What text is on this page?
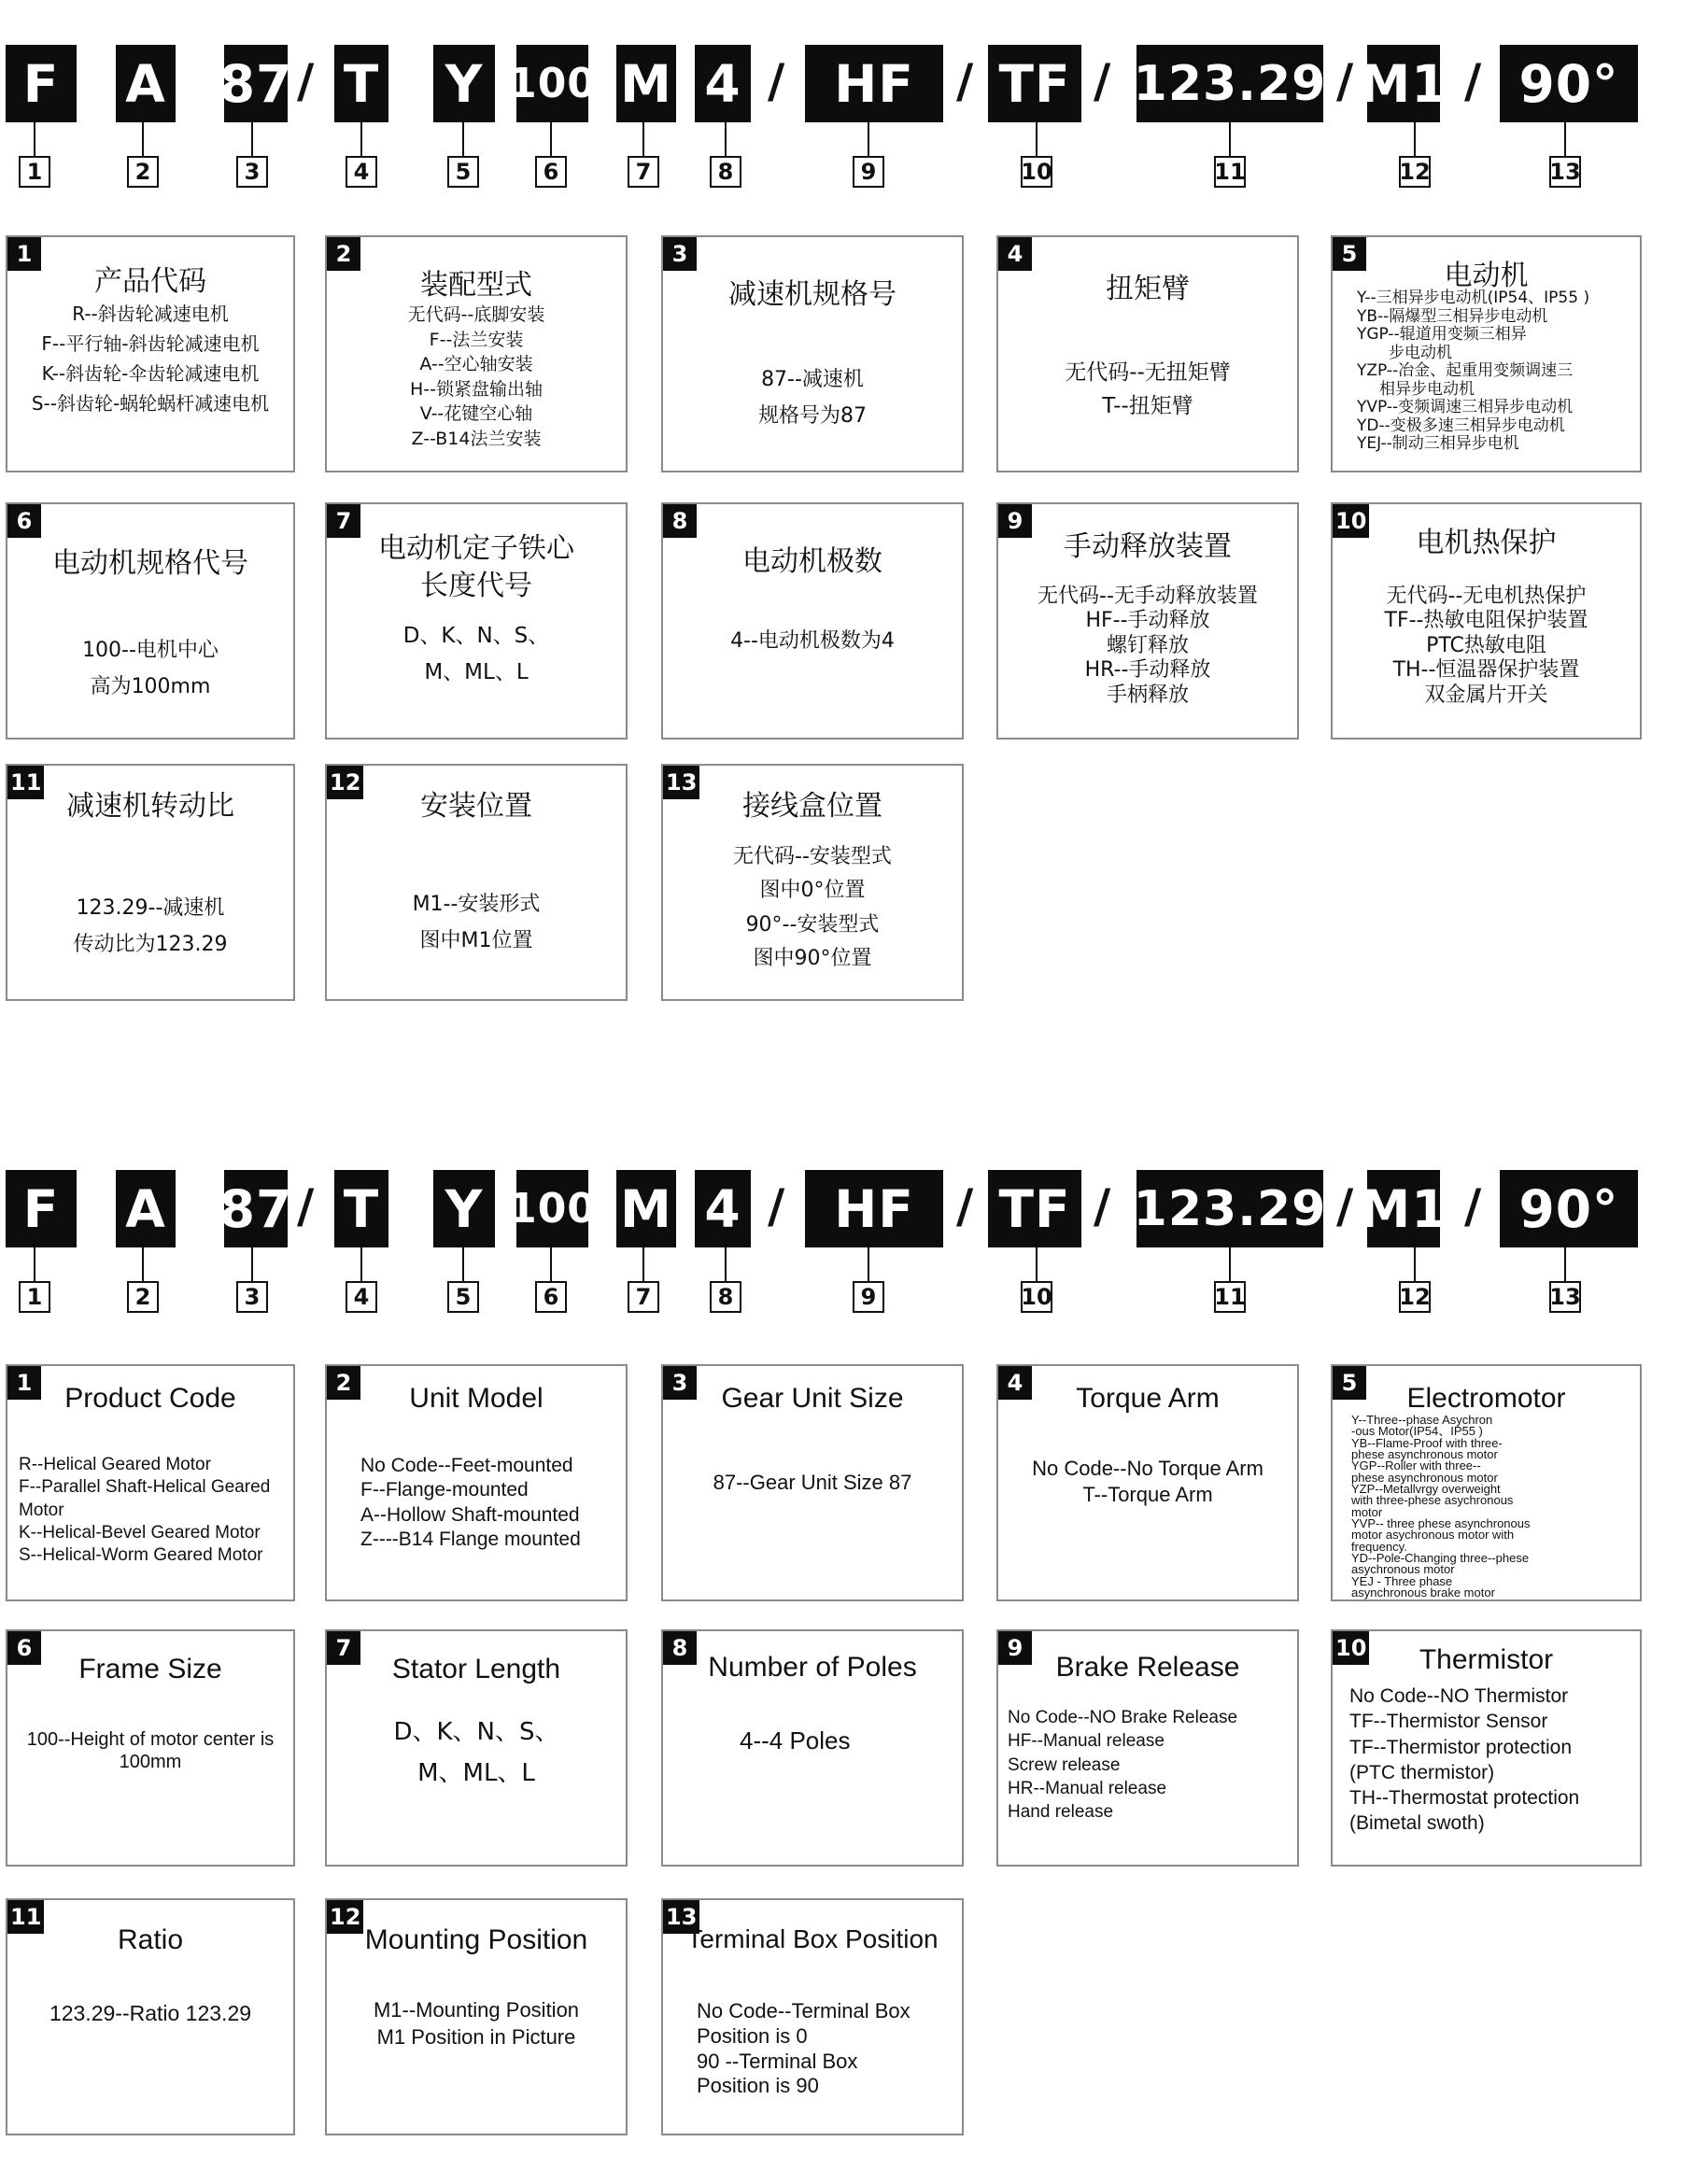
F
1
A
2
87
3
T
4
Y
5
100
6
M
7
4
8
HF
9
TF
10
123.29
11
M1
12
90°
13
/	/	/	/	/ /
1
产品代码
R--斜齿轮减速电机
F--平行轴-斜齿轮减速电机
K--斜齿轮-伞齿轮减速电机
S--斜齿轮-蜗轮蜗杆减速电机
2
装配型式
无代码--底脚安装
F--法兰安装
A--空心轴安装
H--锁紧盘输出轴
V--花键空心轴
Z--B14法兰安装
3
减速机规格号
87--减速机
规格号为87
4
扭矩臂
无代码--无扭矩臂
T--扭矩臂
5
电动机
Y--三相异步电动机(IP54、IP55 )
YB--隔爆型三相异步电动机
YGP--辊道用变频三相异
步电动机
YZP--冶金、起重用变频调速三
相异步电动机
YVP--变频调速三相异步电动机
YD--变极多速三相异步电动机
YEJ--制动三相异步电机
6
电动机规格代号
100--电机中心
高为100mm
7
电动机定子铁心
长度代号
D、K、N、S、
M、ML、L
8
电动机极数
4--电动机极数为4
9
手动释放装置
无代码--无手动释放装置
HF--手动释放
螺钉释放
HR--手动释放
手柄释放
10
电机热保护
无代码--无电机热保护
TF--热敏电阻保护装置
PTC热敏电阻
TH--恒温器保护装置
双金属片开关
11
减速机转动比
123.29--减速机
传动比为123.29
12
安装位置
M1--安装形式
图中M1位置
13
接线盒位置
无代码--安装型式
图中0°位置
90°--安装型式
图中90°位置
F
1
A
2
87
3
T
4
Y
5
100
6
M
7
4
8
HF
9
TF
10
123.29
11
M1
12
90°
13
/	/	/	/	/ /
1	Product Code
R--Helical Geared Motor
F--Parallel Shaft-Helical Geared
Motor
K--Helical-Bevel Geared Motor
S--Helical-Worm Geared Motor
2	Unit Model
No Code--Feet-mounted
F--Flange-mounted
A--Hollow Shaft-mounted
Z----B14 Flange mounted
3	Gear Unit Size
87--Gear Unit Size 87
4	Torque Arm
No Code--No Torque Arm
T--Torque Arm
5	Electromotor
Y--Three--phase Asychron
-ous Motor(IP54、IP55 )
YB--Flame-Proof with three-
phese asynchronous motor
YGP--Roller with three--
phese asynchronous motor
YZP--Metallvrgy overweight
with three-phese asychronous
motor
YVP-- three phese asynchronous
motor asychronous motor with
frequency.
YD--Pole-Changing three--phese
asychronous motor
YEJ - Three phase
asynchronous brake motor
6
Frame Size
100--Height of motor center is
100mm
7
Stator Length
D、K、N、S、
M、ML、L
8
Number of Poles
4--4 Poles
9
Brake Release
No Code--NO Brake Release
HF--Manual release
Screw release
HR--Manual release
Hand release
10	Thermistor
No Code--NO Thermistor
TF--Thermistor Sensor
TF--Thermistor protection
(PTC thermistor)
TH--Thermostat protection
(Bimetal swoth)
11
Ratio
123.29--Ratio 123.29
12
Mounting Position
M1--Mounting Position
M1 Position in Picture
13
Terminal Box Position
No Code--Terminal Box
Position is 0
90 --Terminal Box
Position is 90
